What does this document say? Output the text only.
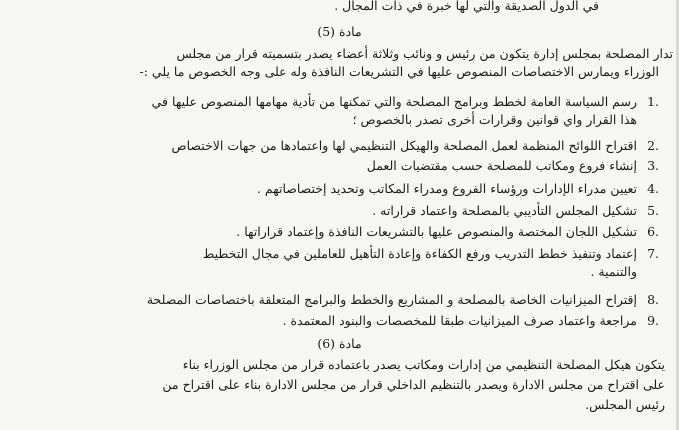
في الدول الصديقة والتي لها خبرة في ذات المجال .
مادة (5)
تدار المصلحة بمجلس إدارة يتكون من رئيس و ونائب وثلاثة أعضاء يصدر بتسميته قرار من مجلس
الوزراء ويمارس الاختصاصات المنصوص عليها في التشريعات النافذة وله على وجه الخصوص ما يلي :-
1.
رسم السياسة العامة لخطط وبرامج المصلحة والتي تمكنها من تأدية مهامها المنصوص عليها في
هذا القرار واي قوانين وقرارات أخرى تصدر بالخصوص ؛
2.
اقتراح اللوائح المنظمة لعمل المصلحة والهيكل التنظيمي لها واعتمادها من جهات الاختصاص
3.
إنشاء فروع ومكاتب للمصلحة حسب مقتضيات العمل
4.
تعيين مدراء الإدارات ورؤساء الفروع ومدراء المكاتب وتحديد إختصاصاتهم .
5.
تشكيل المجلس التأديبي بالمصلحة واعتماد قراراته .
6.
تشكيل اللجان المختصة والمنصوص عليها بالتشريعات النافذة وإعتماد قراراتها .
7.
إعتماد وتنفيذ خطط التدريب ورفع الكفاءة وإعادة التأهيل للعاملين في مجال التخطيط
والتنمية .
8.
إقتراح الميزانيات الخاصة بالمصلحة و المشاريع والخطط والبرامج المتعلقة باختصاصات المصلحة
9.
مراجعة واعتماد صرف الميزانيات طبقا للمخصصات والبنود المعتمدة .
مادة (6)
يتكون هيكل المصلحة التنظيمي من إدارات ومكاتب يصدر باعتماده قرار من مجلس الوزراء بناء
على اقتراح من مجلس الادارة ويصدر بالتنظيم الداخلي قرار من مجلس الادارة بناء على اقتراح من
رئيس المجلس.
